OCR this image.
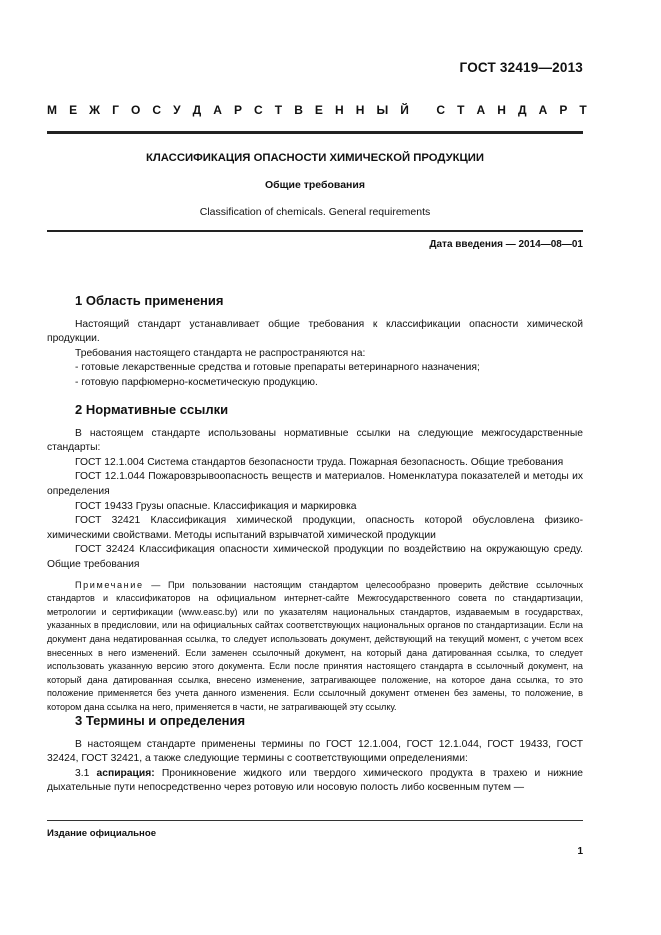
ГОСТ 32419—2013
М Е Ж Г О С У Д А Р С Т В Е Н Н Ы Й
С Т А Н Д А Р Т
КЛАССИФИКАЦИЯ ОПАСНОСТИ ХИМИЧЕСКОЙ ПРОДУКЦИИ
Общие требования
Classification of chemicals. General requirements
Дата введения — 2014—08—01
1 Область применения

Настоящий стандарт устанавливает общие требования к классификации опасности химической продукции.

Требования настоящего стандарта не распространяются на:

- готовые лекарственные средства и готовые препараты ветеринарного назначения;

- готовую парфюмерно-косметическую продукцию.

2 Нормативные ссылки

В настоящем стандарте использованы нормативные ссылки на следующие межгосударственные стандарты:

ГОСТ 12.1.004 Система стандартов безопасности труда. Пожарная безопасность. Общие требования

ГОСТ 12.1.044 Пожаровзрывоопасность веществ и материалов. Номенклатура показателей и методы их определения

ГОСТ 19433 Грузы опасные. Классификация и маркировка

ГОСТ 32421 Классификация химической продукции, опасность которой обусловлена физико-химическими свойствами. Методы испытаний взрывчатой химической продукции

ГОСТ 32424 Классификация опасности химической продукции по воздействию на окружающую среду. Общие требования

Примечание — При пользовании настоящим стандартом целесообразно проверить действие ссылочных стандартов и классификаторов на официальном интернет-сайте Межгосударственного совета по стандартизации, метрологии и сертификации (www.easc.by) или по указателям национальных стандартов, издаваемым в государствах, указанных в предисловии, или на официальных сайтах соответствующих национальных органов по стандартизации. Если на документ дана недатированная ссылка, то следует использовать документ, действующий на текущий момент, с учетом всех внесенных в него изменений. Если заменен ссылочный документ, на который дана датированная ссылка, то следует использовать указанную версию этого документа. Если после принятия настоящего стандарта в ссылочный документ, на который дана датированная ссылка, внесено изменение, затрагивающее положение, на которое дана ссылка, то это положение применяется без учета данного изменения. Если ссылочный документ отменен без замены, то положение, в котором дана ссылка на него, применяется в части, не затрагивающей эту ссылку.

3 Термины и определения

В настоящем стандарте применены термины по ГОСТ 12.1.004, ГОСТ 12.1.044, ГОСТ 19433, ГОСТ 32424, ГОСТ 32421, а также следующие термины с соответствующими определениями:

3.1 аспирация: Проникновение жидкого или твердого химического продукта в трахею и нижние дыхательные пути непосредственно через ротовую или носовую полость либо косвенным путем —

Издание официальное
1
